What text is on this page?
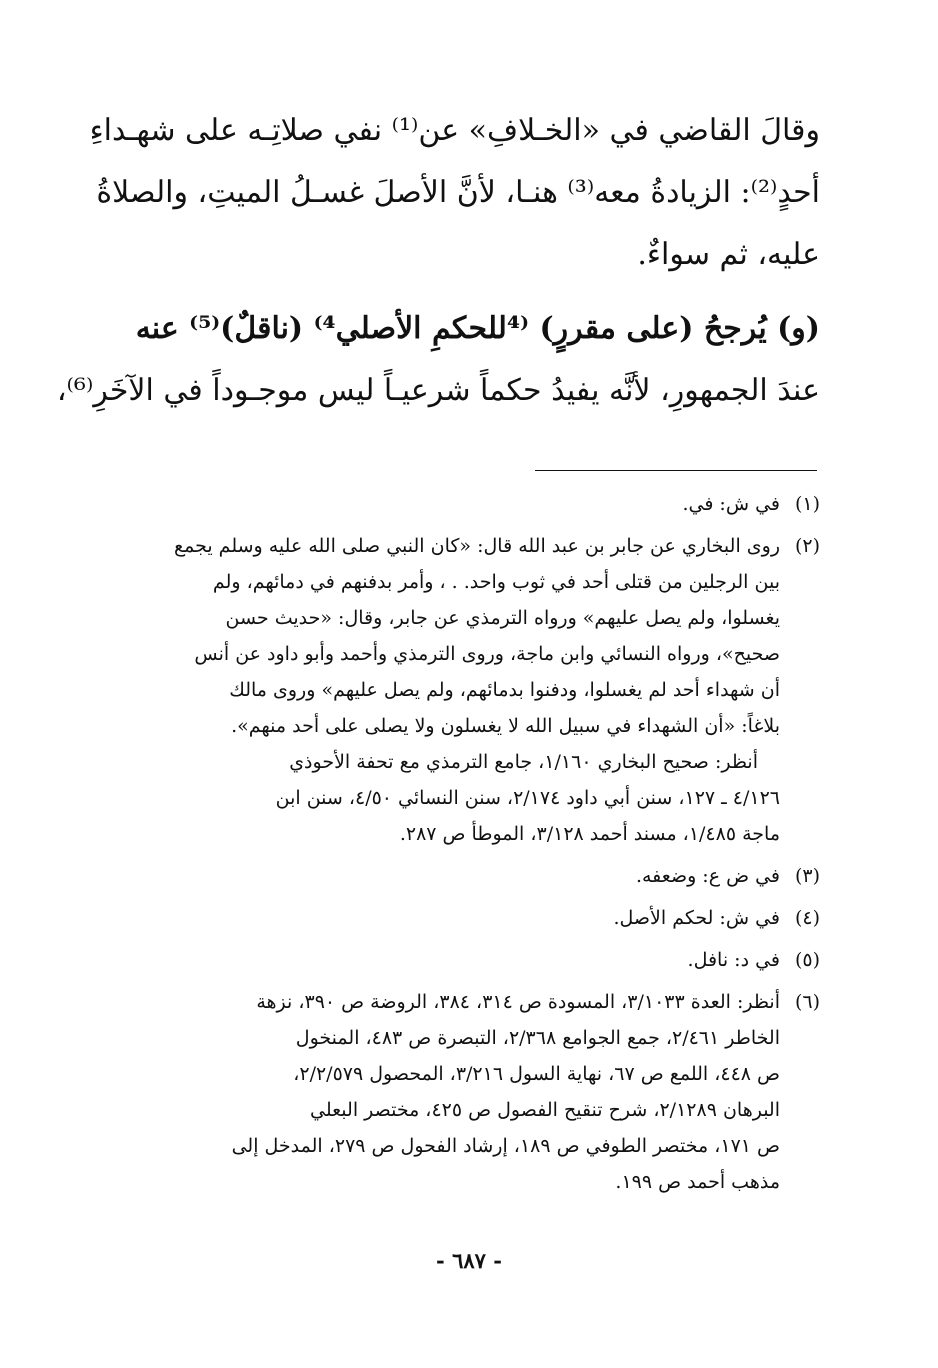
وقالَ القاضي في «الخـلافِ» عن⁽¹⁾ نفي صلاتِـه على شهـداءِ
أحدٍ⁽²⁾: الزيادةُ معه⁽³⁾ هنـا، لأنَّ الأصلَ غسـلُ الميتِ، والصلاةُ
عليه، ثم سواءٌ.
(و) يُرجحُ (على مقررٍ) ⁽⁴للحكمِ الأصلي⁴⁾ (ناقلٌ)⁽⁵⁾ عنه
عندَ الجمهورِ، لأنَّه يفيدُ حكماً شرعيـاً ليس موجـوداً في الآخَرِ⁽⁶⁾،
(١)
في ش: في.
(٢)
روى البخاري عن جابر بن عبد الله قال: «كان النبي صلى الله عليه وسلم يجمع
بين الرجلين من قتلى أحد في ثوب واحد. . ، وأمر بدفنهم في دمائهم، ولم
يغسلوا، ولم يصل عليهم» ورواه الترمذي عن جابر، وقال: «حديث حسن
صحيح»، ورواه النسائي وابن ماجة، وروى الترمذي وأحمد وأبو داود عن أنس
أن شهداء أحد لم يغسلوا، ودفنوا بدمائهم، ولم يصل عليهم» وروى مالك
بلاغاً: «أن الشهداء في سبيل الله لا يغسلون ولا يصلى على أحد منهم».
أنظر: صحيح البخاري ١/١٦٠، جامع الترمذي مع تحفة الأحوذي
٤/١٢٦ ـ ١٢٧، سنن أبي داود ٢/١٧٤، سنن النسائي ٤/٥٠، سنن ابن
ماجة ١/٤٨٥، مسند أحمد ٣/١٢٨، الموطأ ص ٢٨٧.
(٣)
في ض ع: وضعفه.
(٤)
في ش: لحكم الأصل.
(٥)
في د: نافل.
(٦)
أنظر: العدة ٣/١٠٣٣، المسودة ص ٣١٤، ٣٨٤، الروضة ص ٣٩٠، نزهة
الخاطر ٢/٤٦١، جمع الجوامع ٢/٣٦٨، التبصرة ص ٤٨٣، المنخول
ص ٤٤٨، اللمع ص ٦٧، نهاية السول ٣/٢١٦، المحصول ٢/٢/٥٧٩،
البرهان ٢/١٢٨٩، شرح تنقيح الفصول ص ٤٢٥، مختصر البعلي
ص ١٧١، مختصر الطوفي ص ١٨٩، إرشاد الفحول ص ٢٧٩، المدخل إلى
مذهب أحمد ص ١٩٩.
- ٦٨٧ -
